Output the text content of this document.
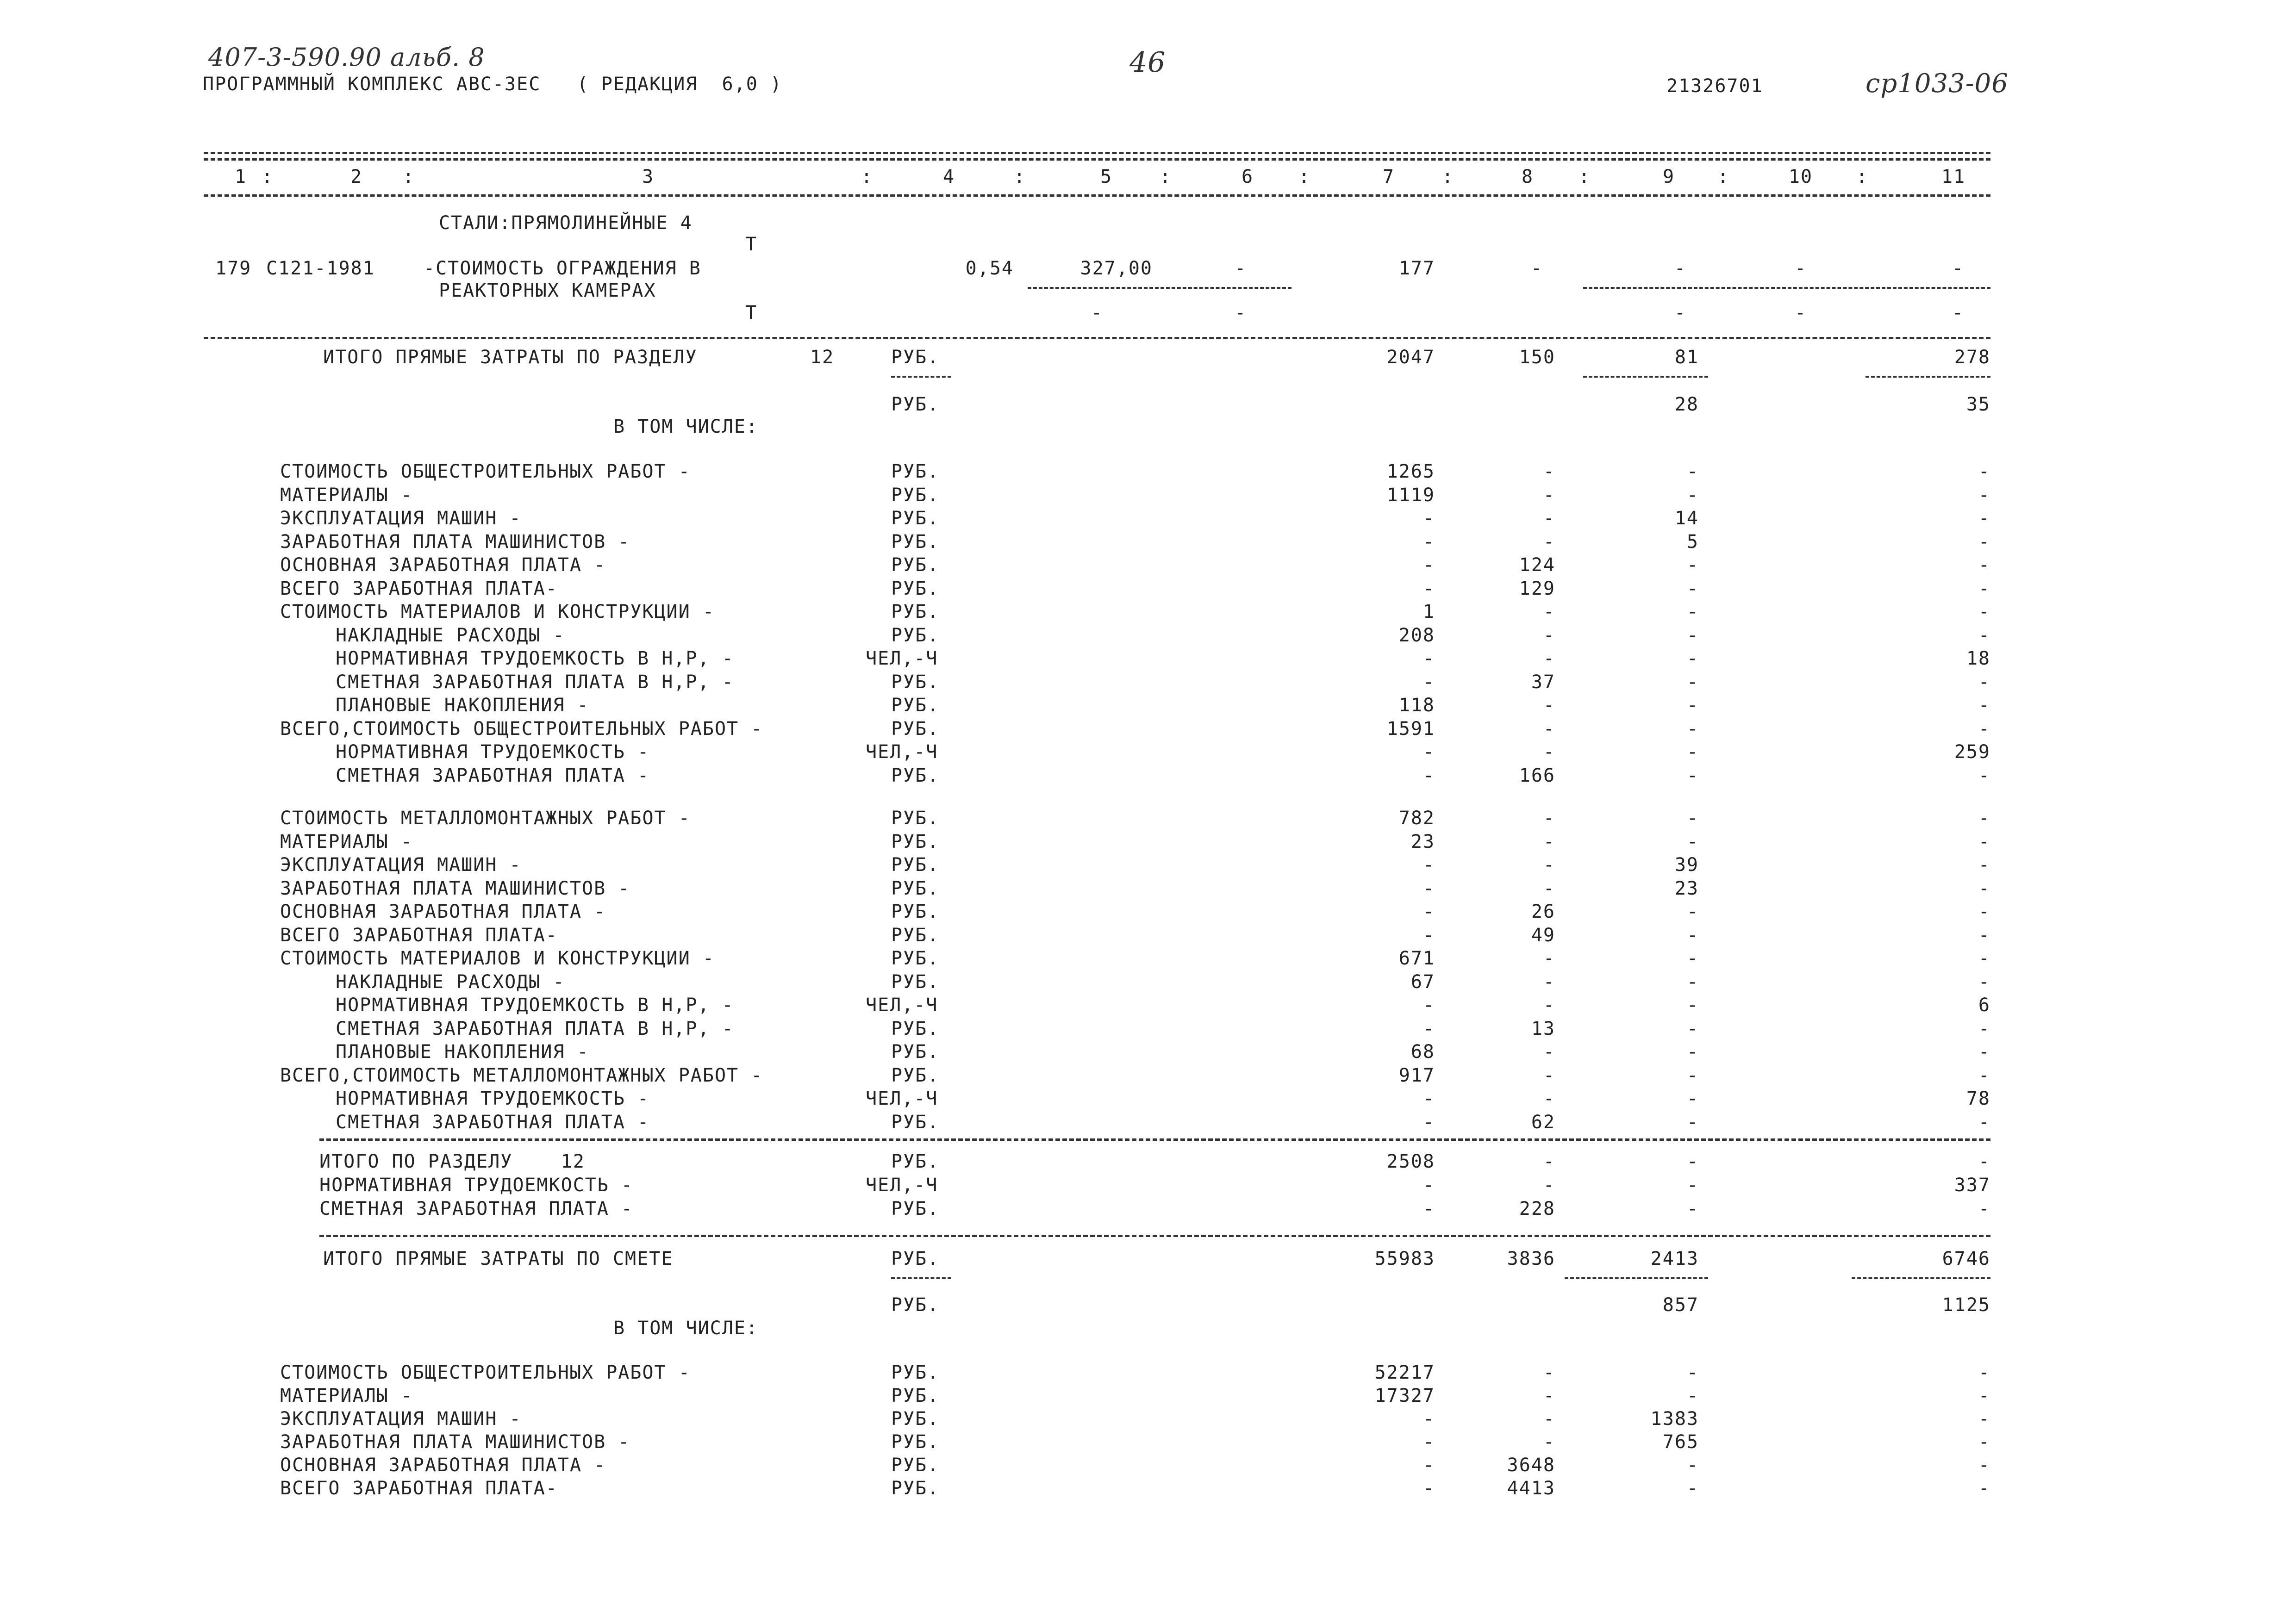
407-3-590.90 альб. 8
ПРОГРАММНЫЙ КОМПЛЕКС АВС-3ЕС   ( РЕДАКЦИЯ  6,0 )
46
21326701	ср1033-06
1	2	3	4	5	6	7	8	9	10	11
:	:	:	:	:	:	:	:	:	:
СТАЛИ:ПРЯМОЛИНЕЙНЫЕ 4
Т
179 С121-1981	-СТОИМОСТЬ ОГРАЖДЕНИЯ В
РЕАКТОРНЫХ КАМЕРАХ
0,54	327,00	-	177	-	-	-	-
Т	-	-	-	-	-
ИТОГО ПРЯМЫЕ ЗАТРАТЫ ПО РАЗДЕЛУ	12	РУБ.	2047	150	81	278
РУБ.	28	35
В ТОМ ЧИСЛЕ:
СТОИМОСТЬ ОБЩЕСТРОИТЕЛЬНЫХ РАБОТ -	РУБ.	1265	-	-	-
МАТЕРИАЛЫ -	РУБ.	1119	-	-	-
ЭКСПЛУАТАЦИЯ МАШИН -	РУБ.	-	-	14	-
ЗАРАБОТНАЯ ПЛАТА МАШИНИСТОВ -	РУБ.	-	-	5	-
ОСНОВНАЯ ЗАРАБОТНАЯ ПЛАТА -	РУБ.	-	124	-	-
ВСЕГО ЗАРАБОТНАЯ ПЛАТА-	РУБ.	-	129	-	-
СТОИМОСТЬ МАТЕРИАЛОВ И КОНСТРУКЦИИ -	РУБ.	1	-	-	-
НАКЛАДНЫЕ РАСХОДЫ -	РУБ.	208	-	-	-
НОРМАТИВНАЯ ТРУДОЕМКОСТЬ В Н,Р, -	ЧЕЛ,-Ч	-	-	-	18
СМЕТНАЯ ЗАРАБОТНАЯ ПЛАТА В Н,Р, -	РУБ.	-	37	-	-
ПЛАНОВЫЕ НАКОПЛЕНИЯ -	РУБ.	118	-	-	-
ВСЕГО,СТОИМОСТЬ ОБЩЕСТРОИТЕЛЬНЫХ РАБОТ -	РУБ.	1591	-	-	-
НОРМАТИВНАЯ ТРУДОЕМКОСТЬ -	ЧЕЛ,-Ч	-	-	-	259
СМЕТНАЯ ЗАРАБОТНАЯ ПЛАТА -	РУБ.	-	166	-	-
СТОИМОСТЬ МЕТАЛЛОМОНТАЖНЫХ РАБОТ -	РУБ.	782	-	-	-
МАТЕРИАЛЫ -	РУБ.	23	-	-	-
ЭКСПЛУАТАЦИЯ МАШИН -	РУБ.	-	-	39	-
ЗАРАБОТНАЯ ПЛАТА МАШИНИСТОВ -	РУБ.	-	-	23	-
ОСНОВНАЯ ЗАРАБОТНАЯ ПЛАТА -	РУБ.	-	26	-	-
ВСЕГО ЗАРАБОТНАЯ ПЛАТА-	РУБ.	-	49	-	-
СТОИМОСТЬ МАТЕРИАЛОВ И КОНСТРУКЦИИ -	РУБ.	671	-	-	-
НАКЛАДНЫЕ РАСХОДЫ -	РУБ.	67	-	-	-
НОРМАТИВНАЯ ТРУДОЕМКОСТЬ В Н,Р, -	ЧЕЛ,-Ч	-	-	-	6
СМЕТНАЯ ЗАРАБОТНАЯ ПЛАТА В Н,Р, -	РУБ.	-	13	-	-
ПЛАНОВЫЕ НАКОПЛЕНИЯ -	РУБ.	68	-	-	-
ВСЕГО,СТОИМОСТЬ МЕТАЛЛОМОНТАЖНЫХ РАБОТ -	РУБ.	917	-	-	-
НОРМАТИВНАЯ ТРУДОЕМКОСТЬ -	ЧЕЛ,-Ч	-	-	-	78
СМЕТНАЯ ЗАРАБОТНАЯ ПЛАТА -	РУБ.	-	62	-	-
ИТОГО ПО РАЗДЕЛУ    12	РУБ.	2508	-	-	-
НОРМАТИВНАЯ ТРУДОЕМКОСТЬ -	ЧЕЛ,-Ч	-	-	-	337
СМЕТНАЯ ЗАРАБОТНАЯ ПЛАТА -	РУБ.	-	228	-	-
ИТОГО ПРЯМЫЕ ЗАТРАТЫ ПО СМЕТЕ	РУБ.	55983	3836	2413	6746
РУБ.	857	1125
В ТОМ ЧИСЛЕ:
СТОИМОСТЬ ОБЩЕСТРОИТЕЛЬНЫХ РАБОТ -	РУБ.	52217	-	-	-
МАТЕРИАЛЫ -	РУБ.	17327	-	-	-
ЭКСПЛУАТАЦИЯ МАШИН -	РУБ.	-	-	1383	-
ЗАРАБОТНАЯ ПЛАТА МАШИНИСТОВ -	РУБ.	-	-	765	-
ОСНОВНАЯ ЗАРАБОТНАЯ ПЛАТА -	РУБ.	-	3648	-	-
ВСЕГО ЗАРАБОТНАЯ ПЛАТА-	РУБ.	-	4413	-	-
